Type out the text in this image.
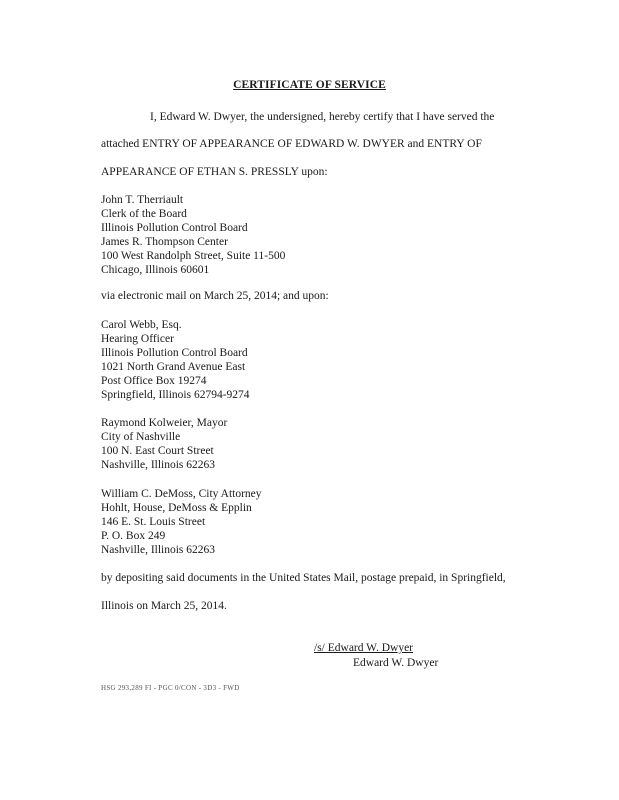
CERTIFICATE OF SERVICE
I, Edward W. Dwyer, the undersigned, hereby certify that I have served the
attached ENTRY OF APPEARANCE OF EDWARD W. DWYER and ENTRY OF
APPEARANCE OF ETHAN S. PRESSLY upon:
John T. Therriault
Clerk of the Board
Illinois Pollution Control Board
James R. Thompson Center
100 West Randolph Street, Suite 11-500
Chicago, Illinois 60601
via electronic mail on March 25, 2014; and upon:
Carol Webb, Esq.
Hearing Officer
Illinois Pollution Control Board
1021 North Grand Avenue East
Post Office Box 19274
Springfield, Illinois 62794-9274
Raymond Kolweier, Mayor
City of Nashville
100 N. East Court Street
Nashville, Illinois 62263
William C. DeMoss, City Attorney
Hohlt, House, DeMoss & Epplin
146 E. St. Louis Street
P. O. Box 249
Nashville, Illinois 62263
by depositing said documents in the United States Mail, postage prepaid, in Springfield,
Illinois on March 25, 2014.
/s/ Edward W. Dwyer
Edward W. Dwyer
HSG 293,289 FI - PGC 0/CON - 3D3 - FWD
